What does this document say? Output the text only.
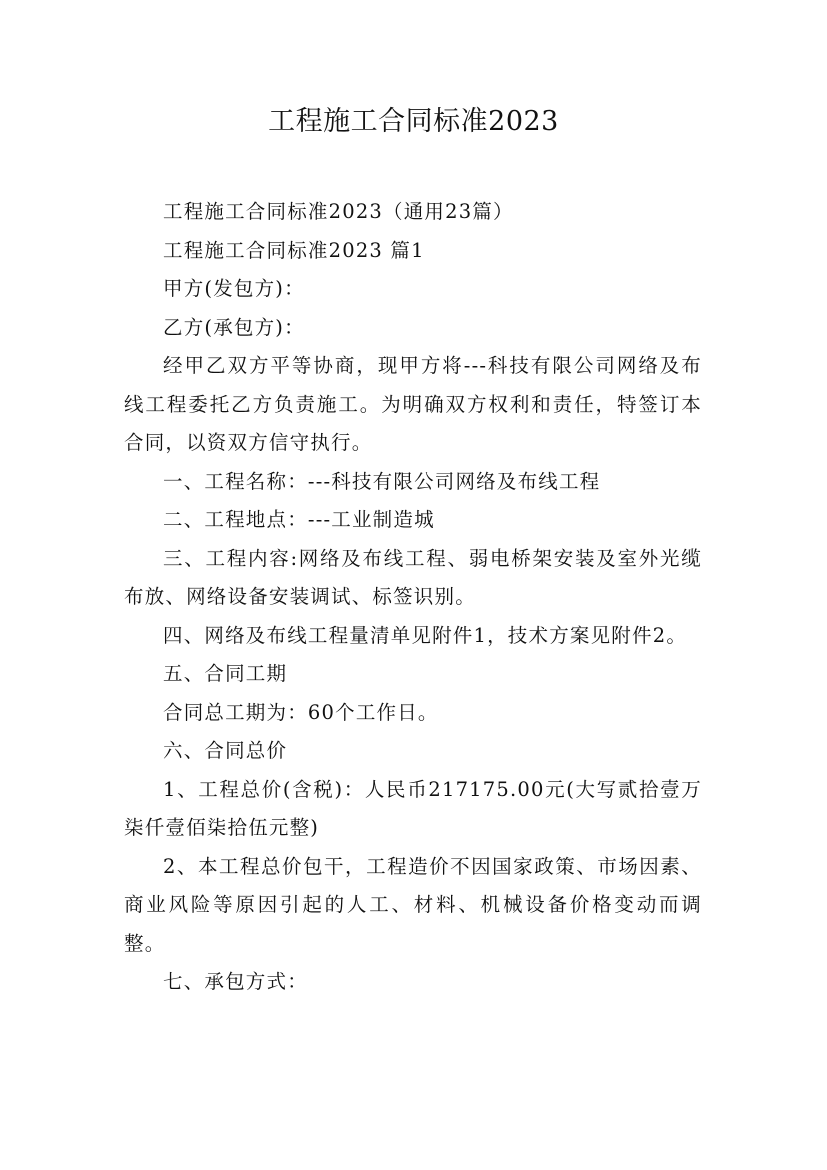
工程施工合同标准2023

工程施工合同标准2023（通用23篇）

工程施工合同标准2023 篇1

甲方(发包方)：

乙方(承包方)：

经甲乙双方平等协商，现甲方将---科技有限公司网络及布线工程委托乙方负责施工。为明确双方权利和责任，特签订本合同，以资双方信守执行。

一、工程名称：---科技有限公司网络及布线工程

二、工程地点：---工业制造城

三、工程内容:网络及布线工程、弱电桥架安装及室外光缆布放、网络设备安装调试、标签识别。

四、网络及布线工程量清单见附件1，技术方案见附件2。

五、合同工期

合同总工期为：60个工作日。

六、合同总价

1、工程总价(含税)：人民币217175.00元(大写贰拾壹万柒仟壹佰柒拾伍元整)

2、本工程总价包干，工程造价不因国家政策、市场因素、商业风险等原因引起的人工、材料、机械设备价格变动而调整。

七、承包方式：
